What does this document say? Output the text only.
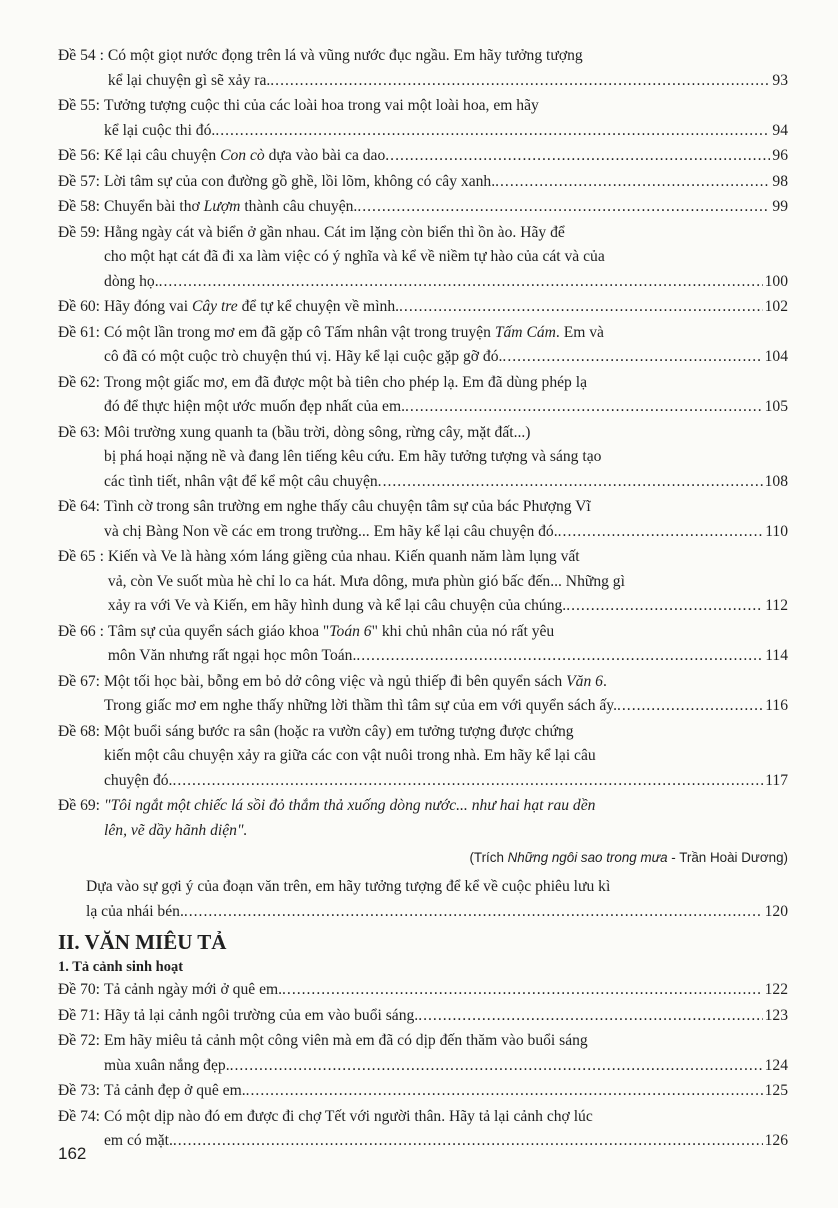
Đề 54 : Có một giọt nước đọng trên lá và vũng nước đục ngầu. Em hãy tưởng tượng
kể lại chuyện gì sẽ xảy ra. .....	93
Đề 55: Tưởng tượng cuộc thi của các loài hoa trong vai một loài hoa, em hãy
kể lại cuộc thi đó. .....	94
Đề 56: Kể lại câu chuyện Con cò dựa vào bài ca dao .....	96
Đề 57: Lời tâm sự của con đường gồ ghề, lồi lõm, không có cây xanh. .....	98
Đề 58: Chuyển bài thơ Lượm thành câu chuyện. .....	99
Đề 59: Hằng ngày cát và biển ở gần nhau. Cát im lặng còn biển thì ồn ào. Hãy để
cho một hạt cát đã đi xa làm việc có ý nghĩa và kể về niềm tự hào của cát và của
dòng họ. .....	100
Đề 60: Hãy đóng vai Cây tre để tự kể chuyện về mình. .....	102
Đề 61: Có một lần trong mơ em đã gặp cô Tấm nhân vật trong truyện Tấm Cám. Em và
cô đã có một cuộc trò chuyện thú vị. Hãy kể lại cuộc gặp gỡ đó. .....	104
Đề 62: Trong một giấc mơ, em đã được một bà tiên cho phép lạ. Em đã dùng phép lạ
đó để thực hiện một ước muốn đẹp nhất của em. .....	105
Đề 63: Môi trường xung quanh ta (bầu trời, dòng sông, rừng cây, mặt đất...)
bị phá hoại nặng nề và đang lên tiếng kêu cứu. Em hãy tưởng tượng và sáng tạo
các tình tiết, nhân vật để kể một câu chuyện .....	108
Đề 64: Tình cờ trong sân trường em nghe thấy câu chuyện tâm sự của bác Phượng Vĩ
và chị Bàng Non về các em trong trường... Em hãy kể lại câu chuyện đó. .....	110
Đề 65 : Kiến và Ve là hàng xóm láng giềng của nhau. Kiến quanh năm làm lụng vất
vả, còn Ve suốt mùa hè chỉ lo ca hát. Mưa dông, mưa phùn gió bấc đến... Những gì
xảy ra với Ve và Kiến, em hãy hình dung và kể lại câu chuyện của chúng. .....	112
Đề 66 : Tâm sự của quyển sách giáo khoa "Toán 6" khi chủ nhân của nó rất yêu
môn Văn nhưng rất ngại học môn Toán. .....	114
Đề 67: Một tối học bài, bỗng em bỏ dở công việc và ngủ thiếp đi bên quyển sách Văn 6.
Trong giấc mơ em nghe thấy những lời thầm thì tâm sự của em với quyển sách ấy. .....	116
Đề 68: Một buổi sáng bước ra sân (hoặc ra vườn cây) em tưởng tượng được chứng
kiến một câu chuyện xảy ra giữa các con vật nuôi trong nhà. Em hãy kể lại câu
chuyện đó. .....	117
Đề 69: "Tôi ngắt một chiếc lá sồi đỏ thắm thả xuống dòng nước... như hai hạt rau dền
lên, vẽ dầy hãnh diện".
(Trích Những ngôi sao trong mưa - Trần Hoài Dương)
Dựa vào sự gợi ý của đoạn văn trên, em hãy tưởng tượng để kể về cuộc phiêu lưu kì
lạ của nhái bén. .....	120
II. VĂN MIÊU TẢ
1. Tả cảnh sinh hoạt
Đề 70: Tả cảnh ngày mới ở quê em. .....	122
Đề 71: Hãy tả lại cảnh ngôi trường của em vào buổi sáng. .....	123
Đề 72: Em hãy miêu tả cảnh một công viên mà em đã có dịp đến thăm vào buổi sáng
mùa xuân nắng đẹp. .....	124
Đề 73: Tả cảnh đẹp ở quê em. .....	125
Đề 74: Có một dịp nào đó em được đi chợ Tết với người thân. Hãy tả lại cảnh chợ lúc
em có mặt. .....	126
162
